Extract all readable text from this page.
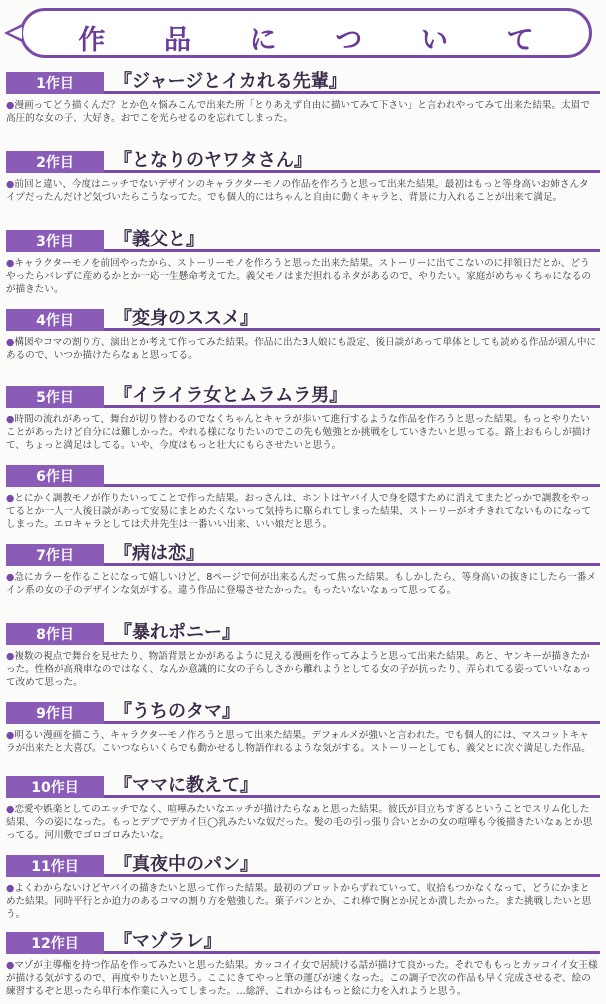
作 品 に つ い て
1作目	『ジャージとイカれる先輩』
●漫画ってどう描くんだ？とか色々悩みこんで出来た所「とりあえず自由に描いてみて下さい」と言われやってみて出来た結果。太眉で高圧的な女の子、大好き。おでこを光らせるのを忘れてしまった。
2作目	『となりのヤワタさん』
●前回と違い、今度はニッチでないデザインのキャラクターモノの作品を作ろうと思って出来た結果。最初はもっと等身高いお姉さんタイプだったんだけど気づいたらこうなってた。でも個人的にはちゃんと自由に動くキャラと、背景に力入れることが出来て満足。
3作目	『義父と』
●キャラクターモノを前回やったから、ストーリーモノを作ろうと思った出来た結果。ストーリーに出てこないのに拝領日だとか、どうやったらバレずに産めるかとか一応一生懸命考えてた。義父モノはまだ担れるネタがあるので、やりたい。家庭がめちゃくちゃになるのが描きたい。
4作目	『変身のススメ』
●構図やコマの割り方、演出とか考えて作ってみた結果。作品に出た3人娘にも設定、後日談があって単体としても読める作品が頭ん中にあるので、いつか描けたらなぁと思ってる。
5作目	『イライラ女とムラムラ男』
●時間の流れがあって、舞台が切り替わるのでなくちゃんとキャラが歩いて進行するような作品を作ろうと思った結果。もっとやりたいことがあったけど自分には難しかった。やれる様になりたいのでこの先も勉強とか挑戦をしていきたいと思ってる。路上おもらしが描けて、ちょっと満足はしてる。いや、今度はもっと壮大にもらさせたいと思う。
6作目
●とにかく調教モノが作りたいってことで作った結果。おっさんは、ホントはヤバイ人で身を隠すために消えてまたどっかで調教をやってるとか一人一人後日談があって安易にまとめたくないって気持ちに駆られてしまった結果、ストーリーがオチきれてないものになってしまった。エロキャラとしては犬井先生は一番いい出来、いい娘だと思う。
7作目	『病は恋』
●急にカラーを作ることになって嬉しいけど、8ページで何が出来るんだって焦った結果。もしかしたら、等身高いの抜きにしたら一番メイン系の女の子のデザインな気がする。違う作品に登場させたかった。もったいないなぁって思ってる。
8作目	『暴れポニー』
●複数の視点で舞台を見せたり、物語背景とかがあるように見える漫画を作ってみようと思って出来た結果。あと、ヤンキーが描きたかった。性格が高飛車なのではなく、なんか意識的に女の子らしさから離れようとしてる女の子が抗ったり、弄られてる姿っていいなぁって改めて思った。
9作目	『うちのタマ』
●明るい漫画を描こう、キャラクターモノ作ろうと思って出来た結果。デフォルメが強いと言われた。でも個人的には、マスコットキャラが出来たと大喜び。こいつならいくらでも動かせるし物語作れるような気がする。ストーリーとしても、義父とに次ぐ満足した作品。
10作目	『ママに教えて』
●恋愛や娯楽としてのエッチでなく、喧嘩みたいなエッチが描けたらなぁと思った結果。彼氏が目立ちすぎるということでスリム化した結果、今の姿になった。もっとデブでデカイ巨◯乳みたいな奴だった。髪の毛の引っ張り合いとかの女の喧嘩も今後描きたいなぁとか思ってる。河川敷でゴロゴロみたいな。
11作目	『真夜中のパン』
●よくわからないけどヤバイの描きたいと思って作った結果。最初のプロットからずれていって、収拾もつかなくなって、どうにかまとめた結果。同時平行とか迫力のあるコマの割り方を勉強した。菓子パンとか、これ棒で胸とか尻とか潰したかった。また挑戦したいと思う。
12作目	『マゾラレ』
●マゾが主導権を持つ作品を作ってみたいと思った結果。カッコイイ女で居続ける話が描けて良かった。それでももっとカッコイイ女王様が描ける気がするので、再度やりたいと思う。ここにきてやっと筆の運びが速くなった。この調子で次の作品も早く完成させるぞ、絵の練習するぞと思ったら単行本作業に入ってしまった。…総評、これからはもっと絵に力を入れようと思う。
